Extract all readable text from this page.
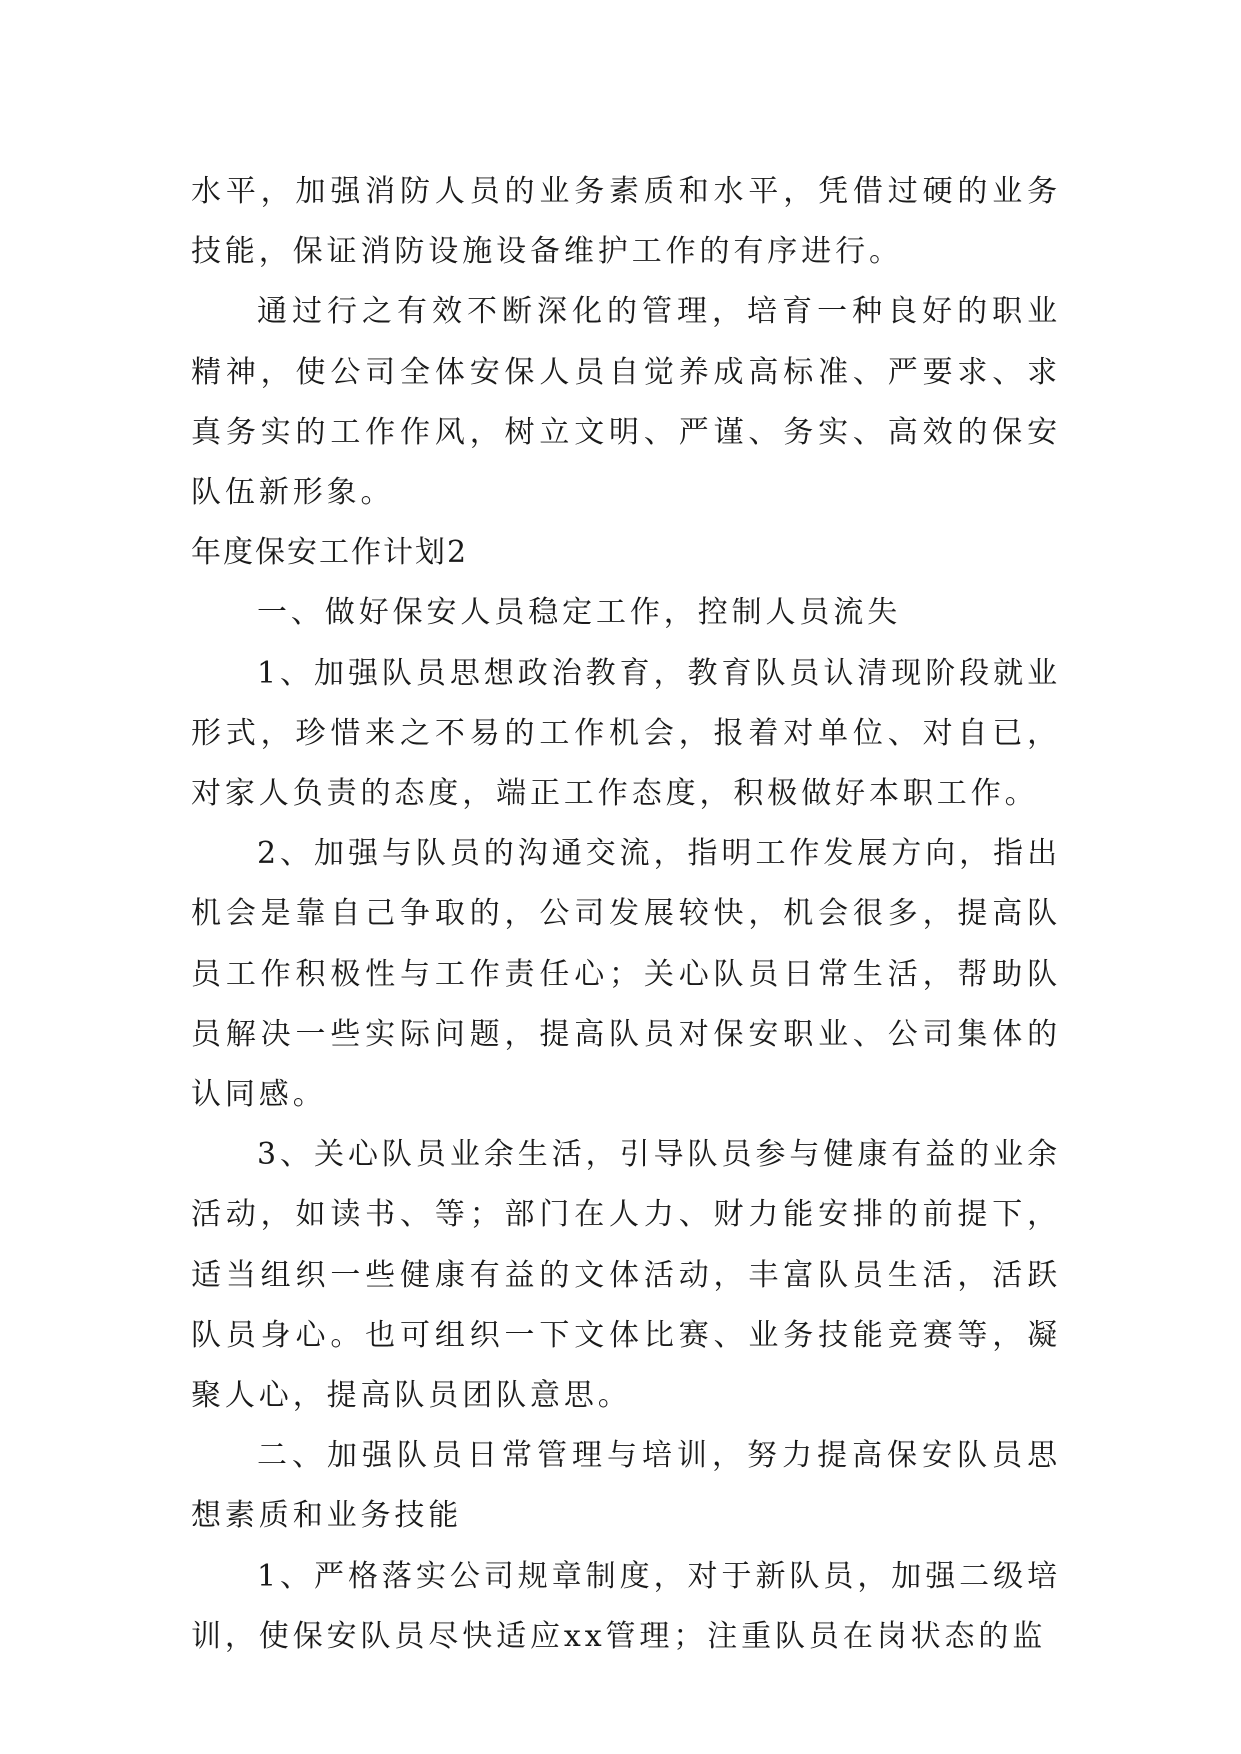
水平，加强消防人员的业务素质和水平，凭借过硬的业务技能，保证消防设施设备维护工作的有序进行。

通过行之有效不断深化的管理，培育一种良好的职业精神，使公司全体安保人员自觉养成高标准、严要求、求真务实的工作作风，树立文明、严谨、务实、高效的保安队伍新形象。

年度保安工作计划2

一、做好保安人员稳定工作，控制人员流失

1、加强队员思想政治教育，教育队员认清现阶段就业形式，珍惜来之不易的工作机会，报着对单位、对自已，对家人负责的态度，端正工作态度，积极做好本职工作。

2、加强与队员的沟通交流，指明工作发展方向，指出机会是靠自己争取的，公司发展较快，机会很多，提高队员工作积极性与工作责任心；关心队员日常生活，帮助队员解决一些实际问题，提高队员对保安职业、公司集体的认同感。

3、关心队员业余生活，引导队员参与健康有益的业余活动，如读书、等；部门在人力、财力能安排的前提下，适当组织一些健康有益的文体活动，丰富队员生活，活跃队员身心。也可组织一下文体比赛、业务技能竞赛等，凝聚人心，提高队员团队意思。

二、加强队员日常管理与培训，努力提高保安队员思想素质和业务技能

1、严格落实公司规章制度，对于新队员，加强二级培训，使保安队员尽快适应xx管理；注重队员在岗状态的监
